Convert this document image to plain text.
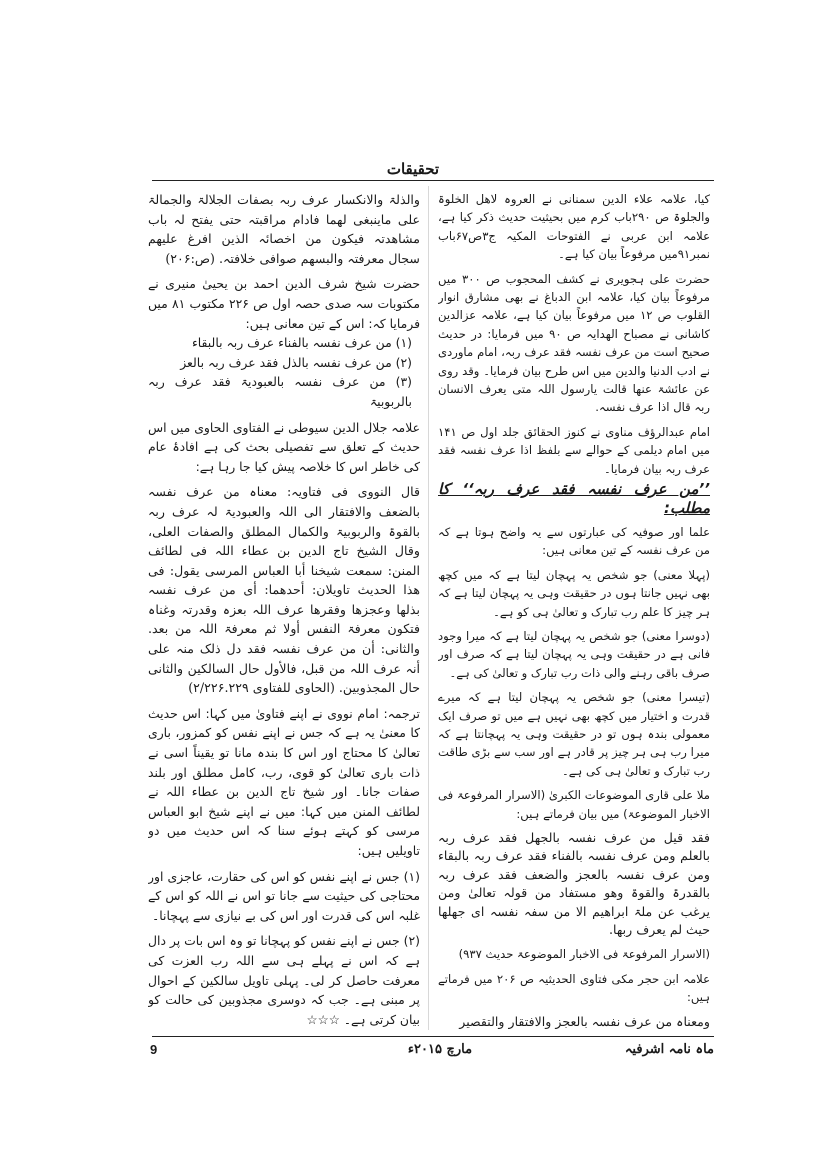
تحقیقات

کیا، علامہ علاء الدین سمنانی نے العروہ لاھل الخلوۃ والجلوۃ ص ۲۹۰باب کرم میں بحیثیت حدیث ذکر کیا ہے، علامہ ابن عربی نے الفتوحات المکیہ ج۳ص۶۷باب نمبر۹۱میں مرفوعاً بیان کیا ہے۔

حضرت علی ہجویری نے کشف المحجوب ص ۳۰۰ میں مرفوعاً بیان کیا، علامہ ابن الدباغ نے بھی مشارق انوار القلوب ص ۱۲ میں مرفوعاً بیان کیا ہے، علامہ عزالدین کاشانی نے مصباح الھدایہ ص ۹۰ میں فرمایا: در حدیث صحیح است من عرف نفسہ فقد عرف ربہ، امام ماوردی نے ادب الدنیا والدین میں اس طرح بیان فرمایا۔ وقد روی عن عائشۃ عنھا قالت یارسول اللہ متی یعرف الانسان ربہ قال اذا عرف نفسہ.

امام عبدالرؤف مناوی نے کنوز الحقائق جلد اول ص ۱۴۱ میں امام دیلمی کے حوالے سے بلفظ اذا عرف نفسہ فقد عرف ربہ بیان فرمایا۔

’’من عرف نفسہ فقد عرف ربہ‘‘ کا مطلب:

علما اور صوفیہ کی عبارتوں سے یہ واضح ہوتا ہے کہ من عرف نفسہ کے تین معانی ہیں:

(پہلا معنی) جو شخص یہ پہچان لیتا ہے کہ میں کچھ بھی نہیں جانتا ہوں در حقیقت وہی یہ پہچان لیتا ہے کہ ہر چیز کا علم رب تبارک و تعالیٰ ہی کو ہے۔

(دوسرا معنی) جو شخص یہ پہچان لیتا ہے کہ میرا وجود فانی ہے در حقیقت وہی یہ پہچان لیتا ہے کہ صرف اور صرف باقی رہنے والی ذات رب تبارک و تعالیٰ کی ہے۔

(تیسرا معنی) جو شخص یہ پہچان لیتا ہے کہ میرے قدرت و اختیار میں کچھ بھی نہیں ہے میں تو صرف ایک معمولی بندہ ہوں تو در حقیقت وہی یہ پہچانتا ہے کہ میرا رب ہی ہر چیز پر قادر ہے اور سب سے بڑی طاقت رب تبارک و تعالیٰ ہی کی ہے۔

ملا علی قاری الموضوعات الکبریٰ (الاسرار المرفوعۃ فی الاخبار الموضوعۃ) میں بیان فرماتے ہیں:

فقد قیل من عرف نفسہ بالجھل فقد عرف ربہ بالعلم ومن عرف نفسہ بالفناء فقد عرف ربہ بالبقاء ومن عرف نفسہ بالعجز والضعف فقد عرف ربہ بالقدرۃ والقوۃ وھو مستفاد من قولہ تعالیٰ ومن یرغب عن ملۃ ابراھیم الا من سفہ نفسہ ای جھلھا حیث لم یعرف ربھا.

(الاسرار المرفوعۃ فی الاخبار الموضوعۃ حدیث ۹۳۷)

علامہ ابن حجر مکی فتاوی الحدیثیہ ص ۲۰۶ میں فرماتے ہیں:

ومعناہ من عرف نفسہ بالعجز والافتقار والتقصیر

والذلۃ والانکسار عرف ربہ بصفات الجلالۃ والجمالۃ علی ماینبغی لھما فادام مراقبتہ حتی یفتح لہ باب مشاھدتہ فیکون من اخصائہ الذین افرغ علیھم سجال معرفتہ والبسھم صوافی خلافتہ. (ص:۲۰۶)

حضرت شیخ شرف الدین احمد بن یحییٰ منیری نے مکتوبات سہ صدی حصہ اول ص ۲۲۶ مکتوب ۸۱ میں فرمایا کہ: اس کے تین معانی ہیں:

(۱) من عرف نفسہ بالفناء عرف ربہ بالبقاء

(۲) من عرف نفسہ بالذل فقد عرف ربہ بالعز

(۳) من عرف نفسہ بالعبودیۃ فقد عرف ربہ بالربوبیۃ

علامہ جلال الدین سیوطی نے الفتاوی الحاوی میں اس حدیث کے تعلق سے تفصیلی بحث کی ہے افادۂ عام کی خاطر اس کا خلاصہ پیش کیا جا رہا ہے:

قال النووی فی فتاویہ: معناہ من عرف نفسہ بالضعف والافتقار الی اللہ والعبودیۃ لہ عرف ربہ بالقوۃ والربوبیۃ والکمال المطلق والصفات العلی، وقال الشیخ تاج الدین بن عطاء اللہ فی لطائف المنن: سمعت شیخنا أبا العباس المرسی یقول: فی ھذا الحدیث تاویلان: أحدھما: أی من عرف نفسہ بذلھا وعجزھا وفقرھا عرف اللہ بعزہ وقدرتہ وغناہ فتکون معرفۃ النفس أولا ثم معرفۃ اللہ من بعد. والثانی: أن من عرف نفسہ فقد دل ذلک منہ علی أنہ عرف اللہ من قبل، فالأول حال السالکین والثانی حال المجذوبین. (الحاوی للفتاوی ۲/۲۲۶.۲۲۹)

ترجمہ: امام نووی نے اپنے فتاویٰ میں کہا: اس حدیث کا معنیٰ یہ ہے کہ جس نے اپنے نفس کو کمزور، باری تعالیٰ کا محتاج اور اس کا بندہ مانا تو یقیناً اسی نے ذات باری تعالیٰ کو قوی، رب، کامل مطلق اور بلند صفات جانا۔ اور شیخ تاج الدین بن عطاء اللہ نے لطائف المنن میں کہا: میں نے اپنے شیخ ابو العباس مرسی کو کہتے ہوئے سنا کہ اس حدیث میں دو تاویلیں ہیں:

(۱) جس نے اپنے نفس کو اس کی حقارت، عاجزی اور محتاجی کی حیثیت سے جانا تو اس نے اللہ کو اس کے غلبہ اس کی قدرت اور اس کی بے نیازی سے پہچانا۔

(۲) جس نے اپنے نفس کو پہچانا تو وہ اس بات پر دال ہے کہ اس نے پہلے ہی سے اللہ رب العزت کی معرفت حاصل کر لی۔ پہلی تاویل سالکین کے احوال پر مبنی ہے۔ جب کہ دوسری مجذوبین کی حالت کو بیان کرتی ہے۔ ☆☆☆

ماہ نامہ اشرفیہ
مارچ ۲۰۱۵ء
9
